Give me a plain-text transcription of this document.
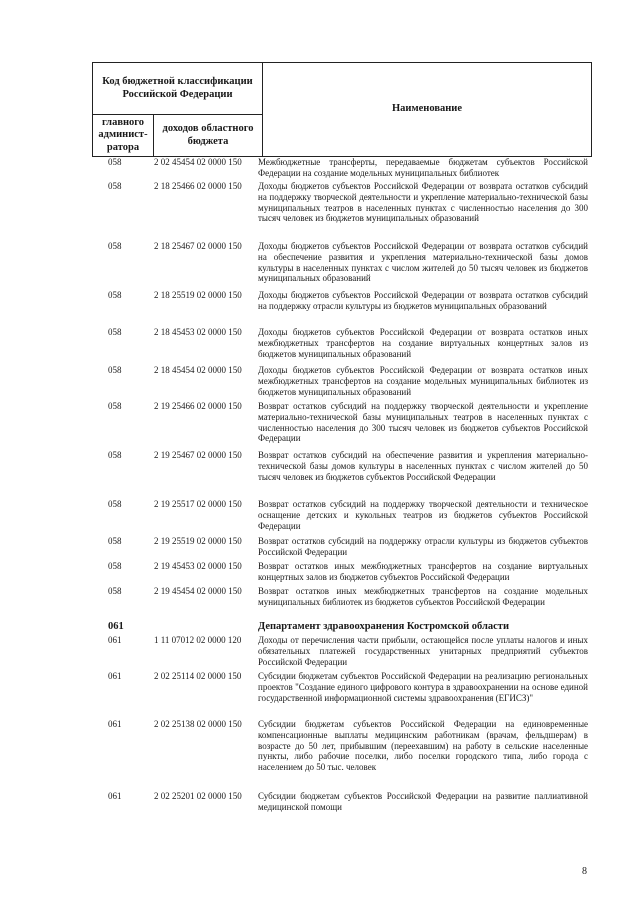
Код бюджетной классификации Российской Федерации		Наименование
главного админист-ратора	доходов областного бюджета	
058	2 02 45454 02 0000 150	Межбюджетные трансферты, передаваемые бюджетам субъектов Российской Федерации на создание модельных муниципальных библиотек
058	2 18 25466 02 0000 150	Доходы бюджетов субъектов Российской Федерации от возврата остатков субсидий на поддержку творческой деятельности и укрепление материально-технической базы муниципальных театров в населенных пунктах с численностью населения до 300 тысяч человек из бюджетов муниципальных образований
058	2 18 25467 02 0000 150	Доходы бюджетов субъектов Российской Федерации от возврата остатков субсидий на обеспечение развития и укрепления материально-технической базы домов культуры в населенных пунктах с числом жителей до 50 тысяч человек из бюджетов муниципальных образований
058	2 18 25519 02 0000 150	Доходы бюджетов субъектов Российской Федерации от возврата остатков субсидий на поддержку отрасли культуры из бюджетов муниципальных образований
058	2 18 45453 02 0000 150	Доходы бюджетов субъектов Российской Федерации от возврата остатков иных межбюджетных трансфертов на создание виртуальных концертных залов из бюджетов муниципальных образований
058	2 18 45454 02 0000 150	Доходы бюджетов субъектов Российской Федерации от возврата остатков иных межбюджетных трансфертов на создание модельных муниципальных библиотек из бюджетов муниципальных образований
058	2 19 25466 02 0000 150	Возврат остатков субсидий на поддержку творческой деятельности и укрепление материально-технической базы муниципальных театров в населенных пунктах с численностью населения до 300 тысяч человек из бюджетов субъектов Российской Федерации
058	2 19 25467 02 0000 150	Возврат остатков субсидий на обеспечение развития и укрепления материально-технической базы домов культуры в населенных пунктах с числом жителей до 50 тысяч человек из бюджетов субъектов Российской Федерации
058	2 19 25517 02 0000 150	Возврат остатков субсидий на поддержку творческой деятельности и техническое оснащение детских и кукольных театров из бюджетов субъектов Российской Федерации
058	2 19 25519 02 0000 150	Возврат остатков субсидий на поддержку отрасли культуры из бюджетов субъектов Российской Федерации
058	2 19 45453 02 0000 150	Возврат остатков иных межбюджетных трансфертов на создание виртуальных концертных залов из бюджетов субъектов Российской Федерации
058	2 19 45454 02 0000 150	Возврат остатков иных межбюджетных трансфертов на создание модельных муниципальных библиотек из бюджетов субъектов Российской Федерации
061	Департамент здравоохранения Костромской области
061	1 11 07012 02 0000 120	Доходы от перечисления части прибыли, остающейся после уплаты налогов и иных обязательных платежей государственных унитарных предприятий субъектов Российской Федерации
061	2 02 25114 02 0000 150	Субсидии бюджетам субъектов Российской Федерации на реализацию региональных проектов "Создание единого цифрового контура в здравоохранении на основе единой государственной информационной системы здравоохранения (ЕГИСЗ)"
061	2 02 25138 02 0000 150	Субсидии бюджетам субъектов Российской Федерации на единовременные компенсационные выплаты медицинским работникам (врачам, фельдшерам) в возрасте до 50 лет, прибывшим (переехавшим) на работу в сельские населенные пункты, либо рабочие поселки, либо поселки городского типа, либо города с населением до 50 тыс. человек
061	2 02 25201 02 0000 150	Субсидии бюджетам субъектов Российской Федерации на развитие паллиативной медицинской помощи
8
